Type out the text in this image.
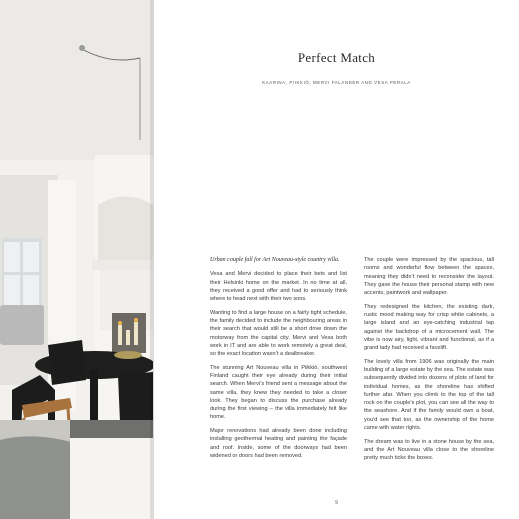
Perfect Match
KAARINA, PIIKKIÖ, MERVI FALANDER AND VESA PERALA

Urban couple fall for Art Nouveau-style country villa.

Vesa and Mervi decided to place their bets and list their Helsinki home on the market. In no time at all, they received a good offer and had to seriously think where to head next with their two sons.

Wanting to find a large house on a fairly tight schedule, the family decided to include the neighbouring areas in their search that would still be a short drive down the motorway from the capital city. Mervi and Vesa both work in IT and are able to work remotely a great deal, so the exact location wasn’t a dealbreaker.

The stunning Art Nouveau villa in Piikkiö, southwest Finland caught their eye already during their initial search. When Mervi’s friend sent a message about the same villa, they knew they needed to take a closer look. They began to discuss the purchase already during the first viewing – the villa immediately felt like home.

Major renovations had already been done including installing geothermal heating and painting the façade and roof. Inside, some of the doorways had been widened or doors had been removed.

The couple were impressed by the spacious, tall rooms and wonderful flow between the spaces, meaning they didn’t need to reconsider the layout. They gave the house their personal stamp with new accents, paintwork and wallpaper.

They redesigned the kitchen, the existing dark, rustic mood making way for crisp white cabinets, a large island and an eye-catching industrial tap against the backdrop of a microcement wall. The vibe is now airy, light, vibrant and functional, as if a grand lady had received a facelift.

The lovely villa from 1906 was originally the main building of a large estate by the sea. The estate was subsequently divided into dozens of plots of land for individual homes, as the shoreline has shifted further afar. When you climb to the top of the tall rock on the couple’s plot, you can see all the way to the seashore. And if the family would own a boat, you’d see that too, as the ownership of the home came with water rights.

The dream was to live in a stone house by the sea, and the Art Nouveau villa close to the shoreline pretty much ticks the boxes.

9
